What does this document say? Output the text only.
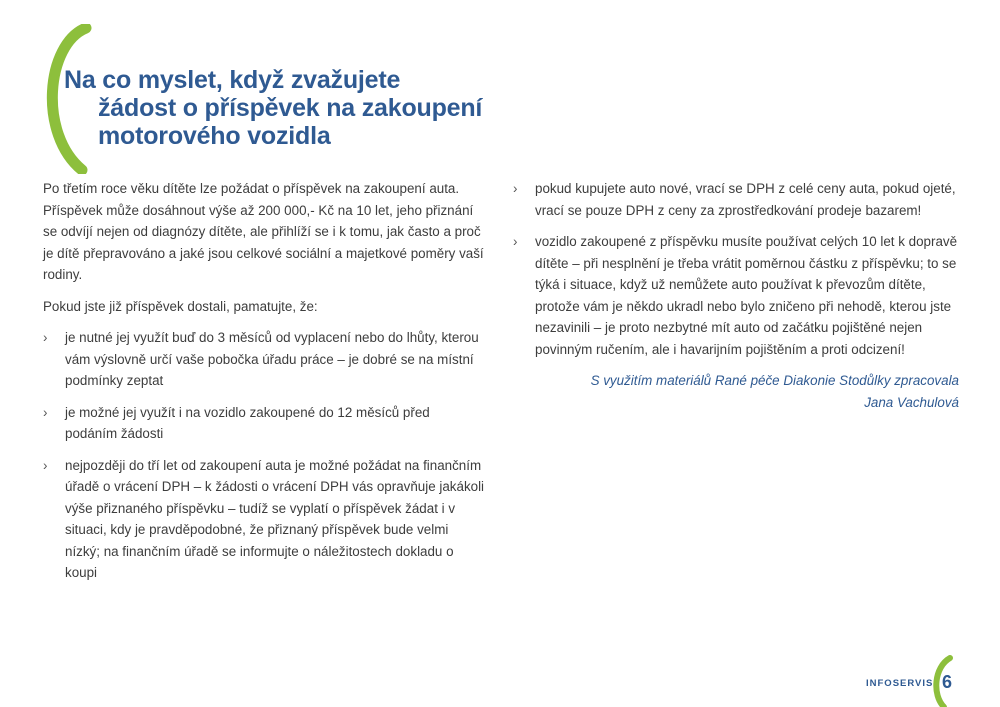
Na co myslet, když zvažujete
žádost o příspěvek na zakoupení
motorového vozidla

Po třetím roce věku dítěte lze požádat o příspěvek na zakoupení auta. Příspěvek může dosáhnout výše až 200 000,- Kč na 10 let, jeho přiznání se odvíjí nejen od diagnózy dítěte, ale přihlíží se i k tomu, jak často a proč je dítě přepravováno a jaké jsou celkové sociální a majetkové poměry vaší rodiny.

Pokud jste již příspěvek dostali, pamatujte, že:

› je nutné jej využít buď do 3 měsíců od vyplacení nebo do lhůty, kterou vám výslovně určí vaše pobočka úřadu práce – je dobré se na místní podmínky zeptat
› je možné jej využít i na vozidlo zakoupené do 12 měsíců před podáním žádosti
› nejpozději do tří let od zakoupení auta je možné požádat na finančním úřadě o vrácení DPH – k žádosti o vrácení DPH vás opravňuje jakákoli výše přiznaného příspěvku – tudíž se vyplatí o příspěvek žádat i v situaci, kdy je pravděpodobné, že přiznaný příspěvek bude velmi nízký; na finančním úřadě se informujte o náležitostech dokladu o koupi
› pokud kupujete auto nové, vrací se DPH z celé ceny auta, pokud ojeté, vrací se pouze DPH z ceny za zprostředkování prodeje bazarem!
› vozidlo zakoupené z příspěvku musíte používat celých 10 let k dopravě dítěte – při nesplnění je třeba vrátit poměrnou částku z příspěvku; to se týká i situace, když už nemůžete auto používat k převozům dítěte, protože vám je někdo ukradl nebo bylo zničeno při nehodě, kterou jste nezavinili – je proto nezbytné mít auto od začátku pojištěné nejen povinným ručením, ale i havarijním pojištěním a proti odcizení!
S využitím materiálů Rané péče Diakonie Stodůlky zpracovala
Jana Vachulová
INFOSERVIS 6
